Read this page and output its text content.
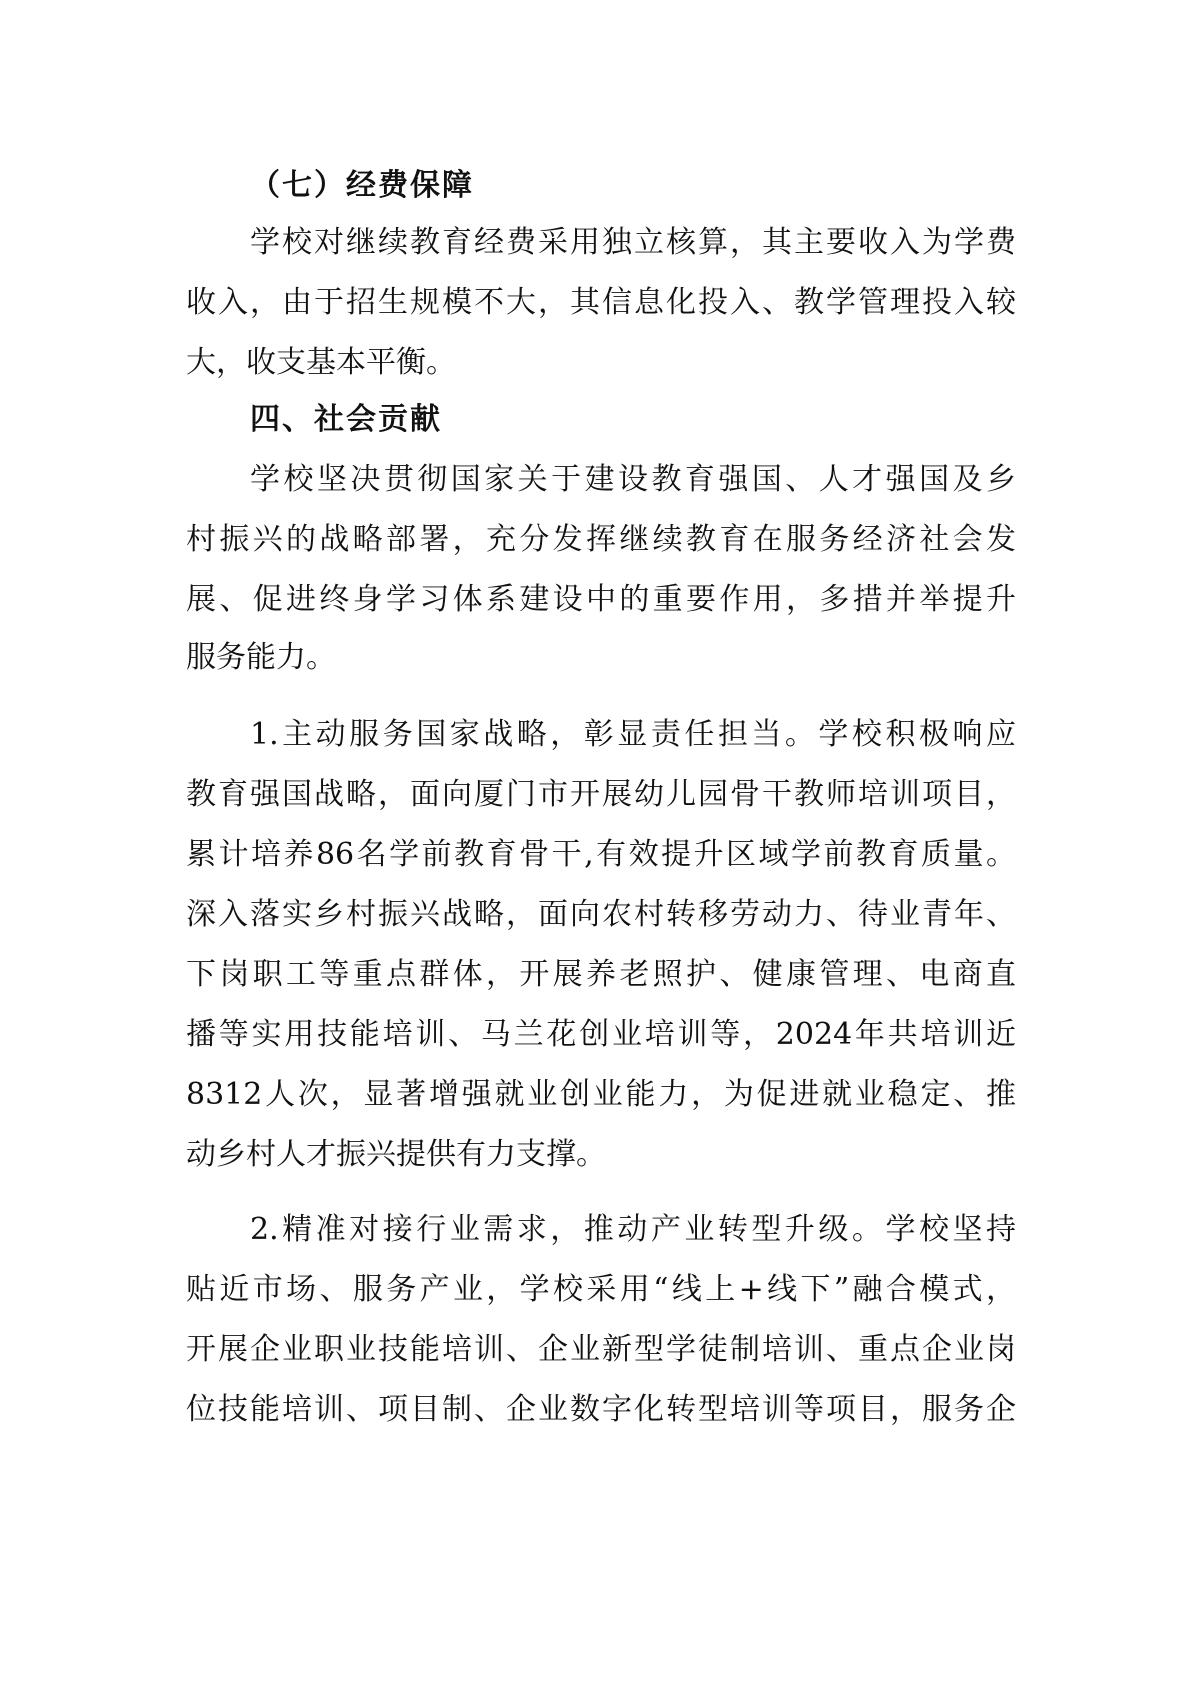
（七）经费保障
学校对继续教育经费采用独立核算，其主要收入为学费
收入，由于招生规模不大，其信息化投入、教学管理投入较
大，收支基本平衡。
四、社会贡献
学校坚决贯彻国家关于建设教育强国、人才强国及乡
村振兴的战略部署，充分发挥继续教育在服务经济社会发
展、促进终身学习体系建设中的重要作用，多措并举提升
服务能力。
1.主动服务国家战略，彰显责任担当。学校积极响应
教育强国战略，面向厦门市开展幼儿园骨干教师培训项目，
累计培养86名学前教育骨干,有效提升区域学前教育质量。
深入落实乡村振兴战略，面向农村转移劳动力、待业青年、
下岗职工等重点群体，开展养老照护、健康管理、电商直
播等实用技能培训、马兰花创业培训等，2024年共培训近
8312人次，显著增强就业创业能力，为促进就业稳定、推
动乡村人才振兴提供有力支撑。
2.精准对接行业需求，推动产业转型升级。学校坚持
贴近市场、服务产业，学校采用“线上+线下”融合模式，
开展企业职业技能培训、企业新型学徒制培训、重点企业岗
位技能培训、项目制、企业数字化转型培训等项目，服务企
